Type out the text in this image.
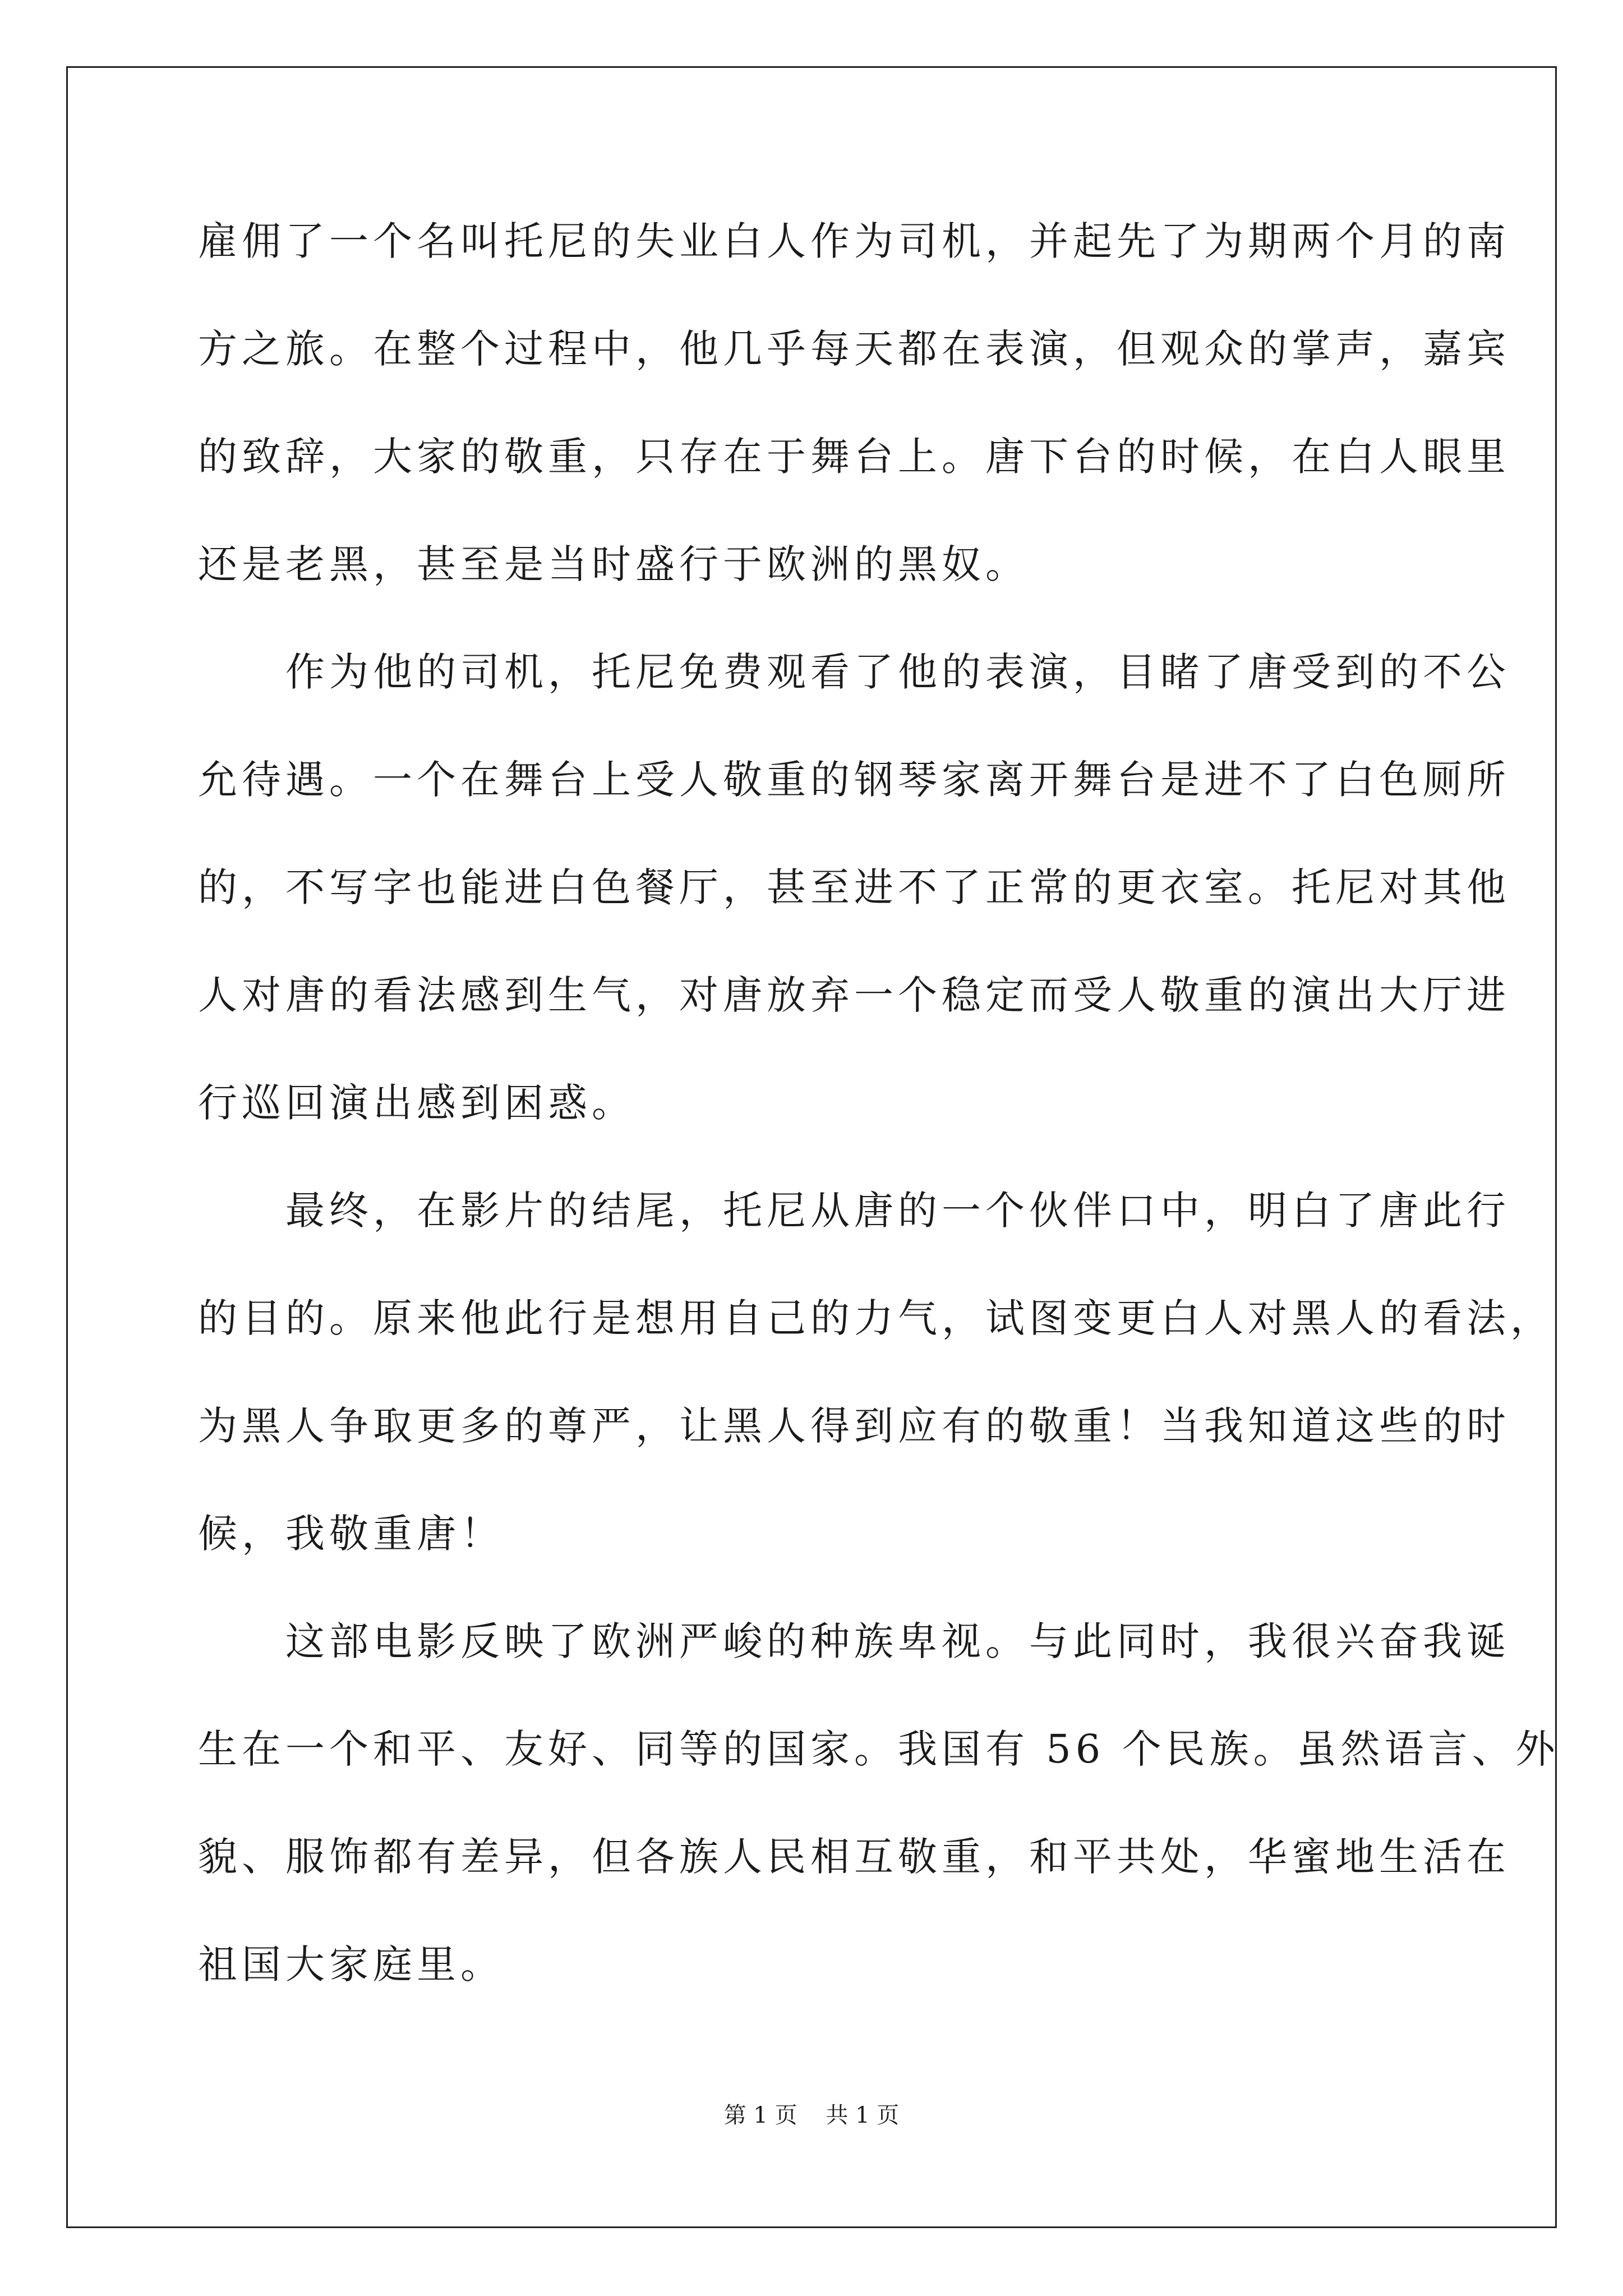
雇佣了一个名叫托尼的失业白人作为司机，并起先了为期两个月的南
方之旅。在整个过程中，他几乎每天都在表演，但观众的掌声，嘉宾
的致辞，大家的敬重，只存在于舞台上。唐下台的时候，在白人眼里
还是老黑，甚至是当时盛行于欧洲的黑奴。
　　作为他的司机，托尼免费观看了他的表演，目睹了唐受到的不公
允待遇。一个在舞台上受人敬重的钢琴家离开舞台是进不了白色厕所
的，不写字也能进白色餐厅，甚至进不了正常的更衣室。托尼对其他
人对唐的看法感到生气，对唐放弃一个稳定而受人敬重的演出大厅进
行巡回演出感到困惑。
　　最终，在影片的结尾，托尼从唐的一个伙伴口中，明白了唐此行
的目的。原来他此行是想用自己的力气，试图变更白人对黑人的看法，
为黑人争取更多的尊严，让黑人得到应有的敬重！当我知道这些的时
候，我敬重唐！
　　这部电影反映了欧洲严峻的种族卑视。与此同时，我很兴奋我诞
生在一个和平、友好、同等的国家。我国有 56 个民族。虽然语言、外
貌、服饰都有差异，但各族人民相互敬重，和平共处，华蜜地生活在
祖国大家庭里。
第 1 页    共 1 页
